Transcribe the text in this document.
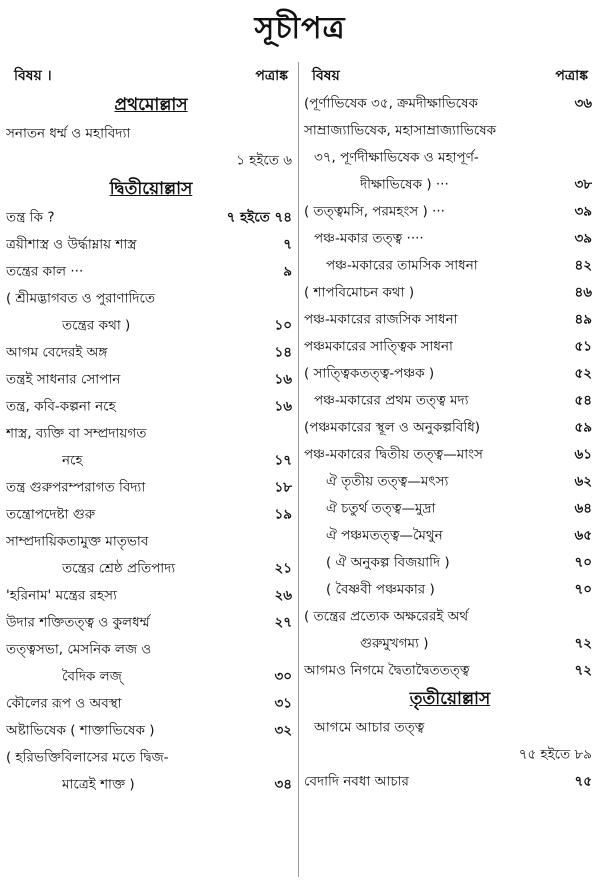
সূচীপত্র
বিষয় ।	পত্রাঙ্ক
প্রথমোল্লাস
সনাতন ধর্ম্ম ও মহাবিদ্যা
১ হইতে ৬
দ্বিতীয়োল্লাস
তন্ত্র কি ?	৭ হইতে ৭৪
ত্রয়ীশাস্ত্র ও উর্দ্ধাম্নায় শাস্ত্র	৭
তন্ত্রের কাল ···	৯
( শ্রীমদ্ভাগবত ও পুরাণাদিতে
তন্ত্রের কথা )	১০
আগম বেদেরই অঙ্গ	১৪
তন্ত্রই সাধনার সোপান	১৬
তন্ত্র, কবি-কল্পনা নহে	১৬
শাস্ত্র, ব্যক্তি বা সম্প্রদায়গত
নহে	১৭
তন্ত্র গুরুপরম্পরাগত বিদ্যা	১৮
তন্ত্রোপদেষ্টা গুরু	১৯
সাম্প্রদায়িকতামুক্ত মাতৃভাব
তন্ত্রের শ্রেষ্ঠ প্রতিপাদ্য	২১
'হরিনাম' মন্ত্রের রহস্য	২৬
উদার শক্তিতত্ত্ব ও কুলধর্ম্ম	২৭
তত্ত্বসভা, মেসনিক লজ ও
বৈদিক লজ্	৩০
কৌলের রূপ ও অবস্থা	৩১
অষ্টাভিষেক ( শাক্তাভিষেক )	৩২
( হরিভক্তিবিলাসের মতে দ্বিজ-
মাত্রেই শাক্ত )	৩৪
বিষয়	পত্রাঙ্ক
(পূর্ণাভিষেক ৩৫, ক্রমদীক্ষাভিষেক	৩৬
সাম্রাজ্যাভিষেক, মহাসাম্রাজ্যাভিষেক
৩৭, পূর্ণদীক্ষাভিষেক ও মহাপূর্ণ-
দীক্ষাভিষেক ) ···	৩৮
( তত্ত্বমসি, পরমহংস ) ···	৩৯
পঞ্চ-মকার তত্ত্ব ····	৩৯
পঞ্চ-মকারের তামসিক সাধনা	৪২
( শাপবিমোচন কথা )	৪৬
পঞ্চ-মকারের রাজসিক সাধনা	৪৯
পঞ্চমকারের সাত্ত্বিক সাধনা	৫১
( সাত্ত্বিকতত্ত্ব-পঞ্চক )	৫২
পঞ্চ-মকারের প্রথম তত্ত্ব মদ্য	৫৪
(পঞ্চমকারের স্থূল ও অনুকল্পবিধি)	৫৯
পঞ্চ-মকারের দ্বিতীয় তত্ত্ব—মাংস	৬১
ঐ তৃতীয় তত্ত্ব—মৎস্য	৬২
ঐ চতুর্থ তত্ত্ব—মুদ্রা	৬৪
ঐ পঞ্চমতত্ত্ব—মৈথুন	৬৫
( ঐ অনুকল্প বিজয়াদি )	৭০
( বৈষ্ণবী পঞ্চমকার )	৭০
( তন্ত্রের প্রত্যেক অক্ষরেরই অর্থ
গুরুমুখগম্য )	৭২
আগমও নিগমে দ্বৈতাদ্বৈততত্ত্ব	৭২
তৃতীয়োল্লাস
আগমে আচার তত্ত্ব
৭৫ হইতে ৮৯
বেদাদি নবধা আচার	৭৫
